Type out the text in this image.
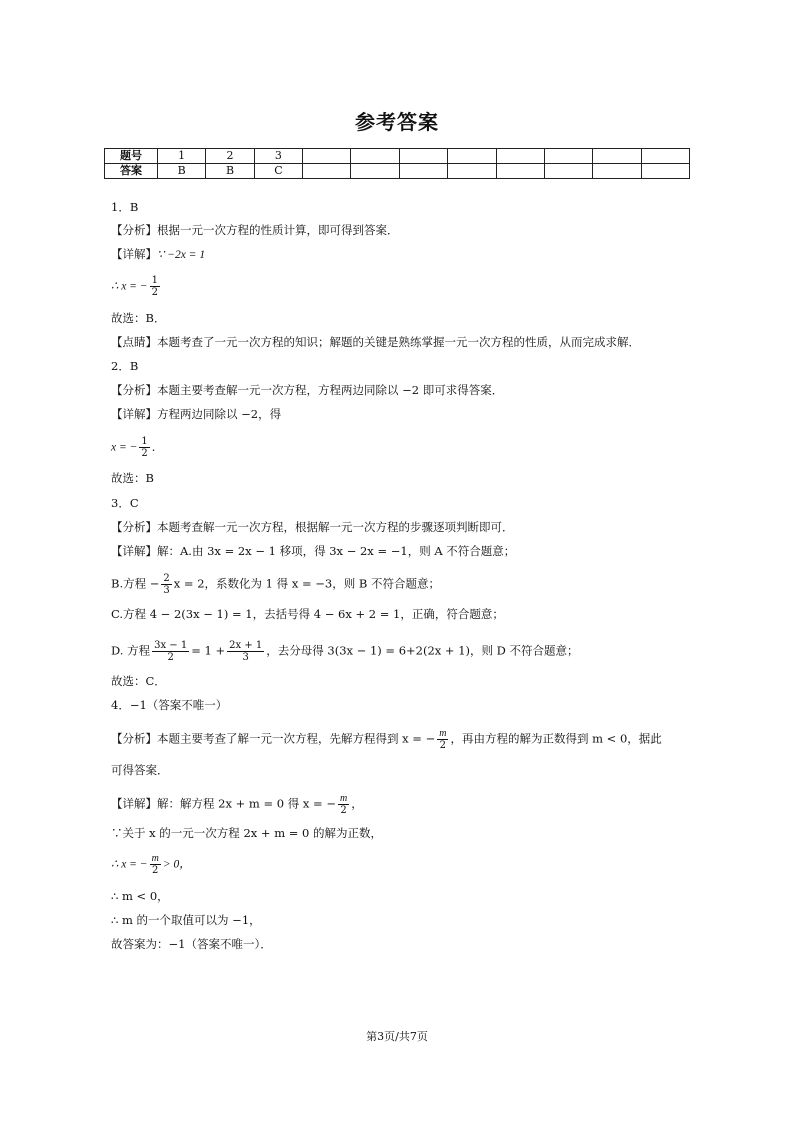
参考答案
题号	1	2	3								
答案	B	B	C								
1．B
【分析】根据一元一次方程的性质计算，即可得到答案．
【详解】∵ −2x = 1
∴ x = − $\frac{1}{2}$
故选：B．
【点睛】本题考查了一元一次方程的知识；解题的关键是熟练掌握一元一次方程的性质，从而完成求解．
2．B
【分析】本题主要考查解一元一次方程，方程两边同除以 −2 即可求得答案．
【详解】方程两边同除以 −2，得
x = − $\frac{1}{2}$ ．
故选：B
3．C
【分析】本题考查解一元一次方程，根据解一元一次方程的步骤逐项判断即可．
【详解】解：A.由 3x = 2x − 1 移项，得 3x − 2x = −1，则 A 不符合题意；
B.方程 − $\frac{2}{3}$ x = 2，系数化为 1 得 x = −3，则 B 不符合题意；
C.方程 4 − 2(3x − 1) = 1，去括号得 4 − 6x + 2 = 1，正确，符合题意；
D. 方程 $\frac{3x - 1}{2} = 1 + \frac{2x + 1}{3}$ ，去分母得 3(3x − 1) = 6+2(2x + 1)，则 D 不符合题意；
故选：C．
4．−1（答案不唯一）
【分析】本题主要考查了解一元一次方程，先解方程得到 x = − $\frac{m}{2}$ ，再由方程的解为正数得到 m < 0，据此
可得答案．
【详解】解：解方程 2x + m = 0 得 x = − $\frac{m}{2}$ ，
∵关于 x 的一元一次方程 2x + m = 0 的解为正数，
∴ x = − $\frac{m}{2} > 0$，
∴ m < 0，
∴ m 的一个取值可以为 −1，
故答案为：−1（答案不唯一）．
第3页/共7页
